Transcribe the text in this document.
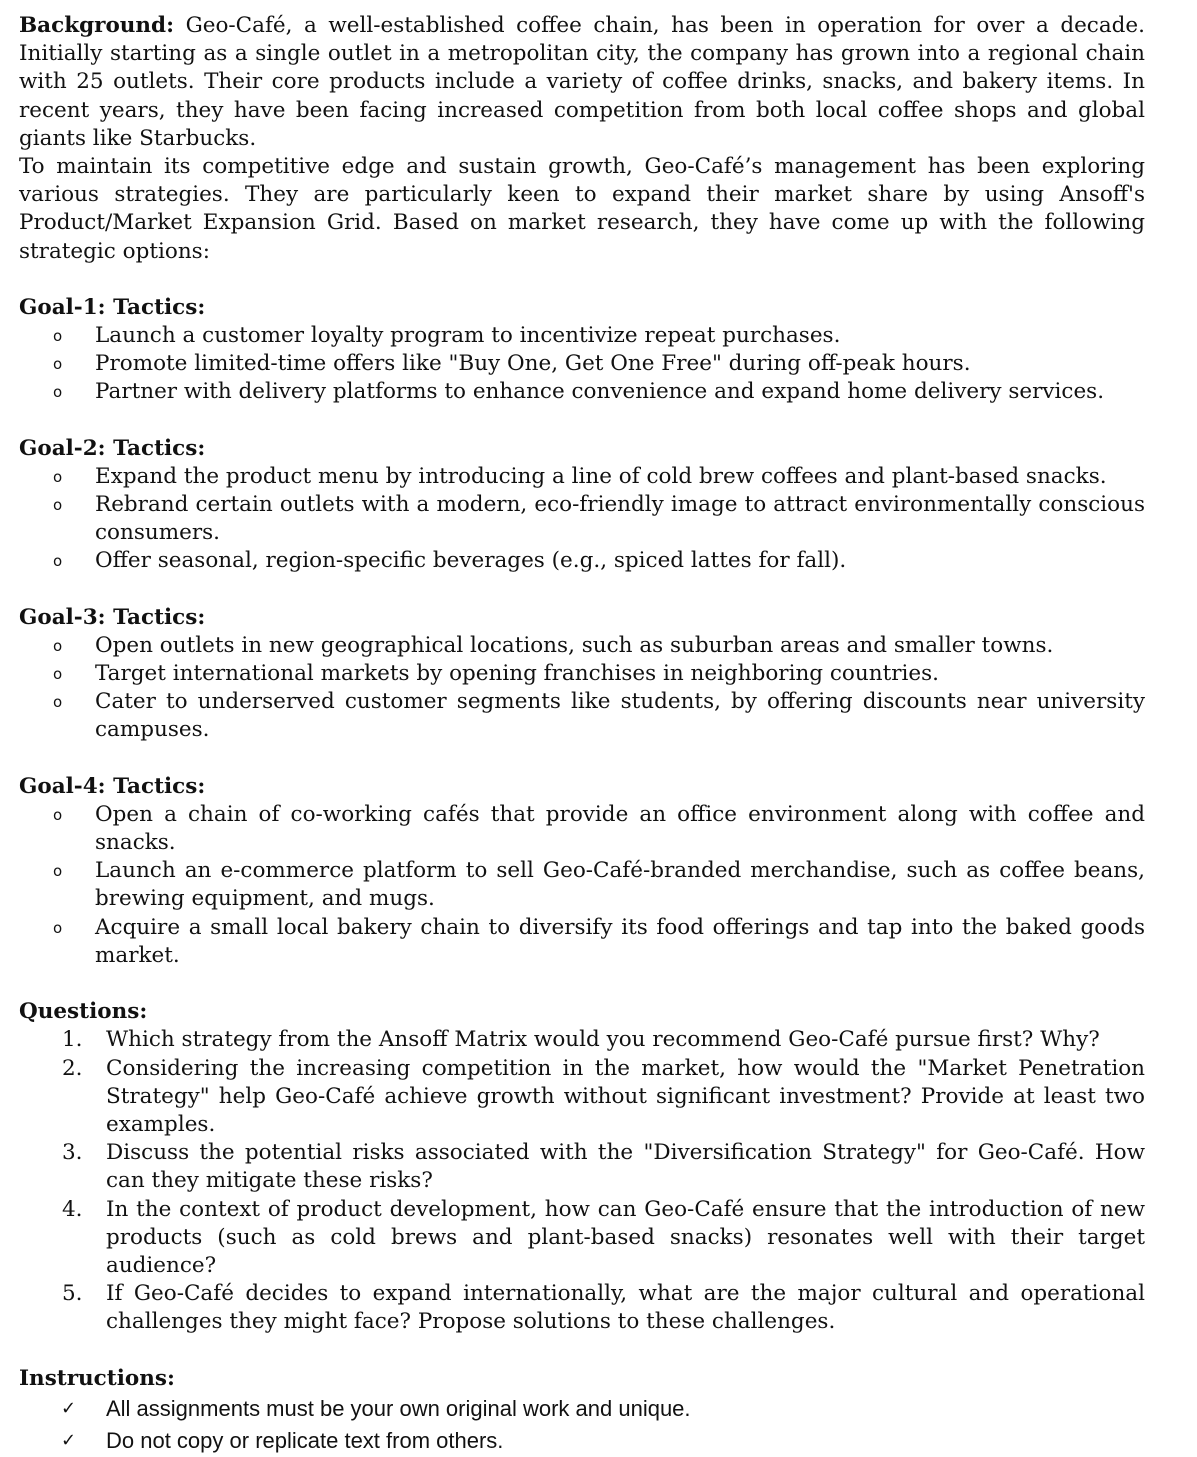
Background: Geo-Café, a well-established coffee chain, has been in operation for over a decade. Initially starting as a single outlet in a metropolitan city, the company has grown into a regional chain with 25 outlets. Their core products include a variety of coffee drinks, snacks, and bakery items. In recent years, they have been facing increased competition from both local coffee shops and global giants like Starbucks.

To maintain its competitive edge and sustain growth, Geo-Café’s management has been exploring various strategies. They are particularly keen to expand their market share by using Ansoff's Product/Market Expansion Grid. Based on market research, they have come up with the following strategic options:

Goal-1: Tactics:

o Launch a customer loyalty program to incentivize repeat purchases.
o Promote limited-time offers like "Buy One, Get One Free" during off-peak hours.
o Partner with delivery platforms to enhance convenience and expand home delivery services.

Goal-2: Tactics:

o Expand the product menu by introducing a line of cold brew coffees and plant-based snacks.
o Rebrand certain outlets with a modern, eco-friendly image to attract environmentally conscious consumers.
o Offer seasonal, region-specific beverages (e.g., spiced lattes for fall).

Goal-3: Tactics:

o Open outlets in new geographical locations, such as suburban areas and smaller towns.
o Target international markets by opening franchises in neighboring countries.
o Cater to underserved customer segments like students, by offering discounts near university campuses.

Goal-4: Tactics:

o Open a chain of co-working cafés that provide an office environment along with coffee and snacks.
o Launch an e-commerce platform to sell Geo-Café-branded merchandise, such as coffee beans, brewing equipment, and mugs.
o Acquire a small local bakery chain to diversify its food offerings and tap into the baked goods market.

Questions:

1. Which strategy from the Ansoff Matrix would you recommend Geo-Café pursue first? Why?
2. Considering the increasing competition in the market, how would the "Market Penetration Strategy" help Geo-Café achieve growth without significant investment? Provide at least two examples.
3. Discuss the potential risks associated with the "Diversification Strategy" for Geo-Café. How can they mitigate these risks?
4. In the context of product development, how can Geo-Café ensure that the introduction of new products (such as cold brews and plant-based snacks) resonates well with their target audience?
5. If Geo-Café decides to expand internationally, what are the major cultural and operational challenges they might face? Propose solutions to these challenges.

Instructions:

✓ All assignments must be your own original work and unique.
✓ Do not copy or replicate text from others.
